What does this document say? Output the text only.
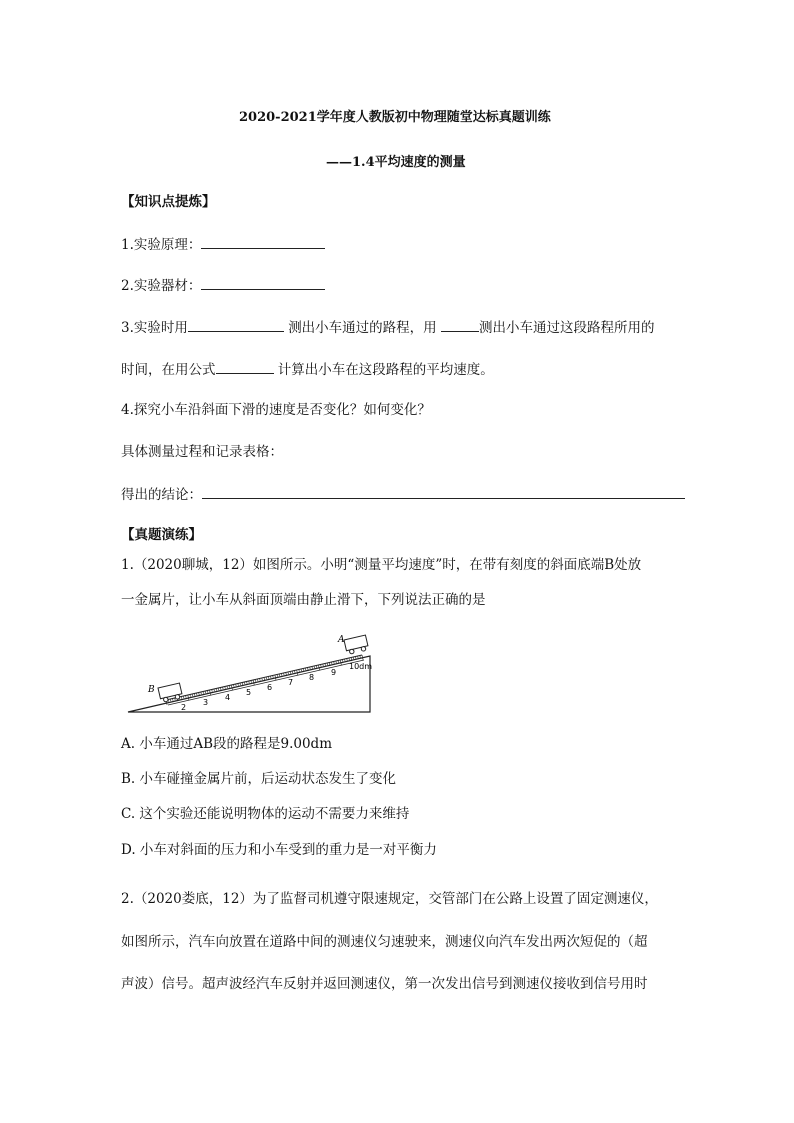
2020-2021学年度人教版初中物理随堂达标真题训练
——1.4平均速度的测量
【知识点提炼】
1.实验原理：
2.实验器材：
3.实验时用	测出小车通过的路程，用	测出小车通过这段路程所用的
时间，在用公式	计算出小车在这段路程的平均速度。
4.探究小车沿斜面下滑的速度是否变化？如何变化？
具体测量过程和记录表格：
得出的结论：
【真题演练】
1.（2020聊城，12）如图所示。小明“测量平均速度”时，在带有刻度的斜面底端B处放
一金属片，让小车从斜面顶端由静止滑下，下列说法正确的是
2
3
4
5
6
7
8
9
10dm
B
A
A. 小车通过AB段的路程是9.00dm
B. 小车碰撞金属片前，后运动状态发生了变化
C. 这个实验还能说明物体的运动不需要力来维持
D. 小车对斜面的压力和小车受到的重力是一对平衡力
2.（2020娄底，12）为了监督司机遵守限速规定，交管部门在公路上设置了固定测速仪，
如图所示，汽车向放置在道路中间的测速仪匀速驶来，测速仪向汽车发出两次短促的（超
声波）信号。超声波经汽车反射并返回测速仪，第一次发出信号到测速仪接收到信号用时
